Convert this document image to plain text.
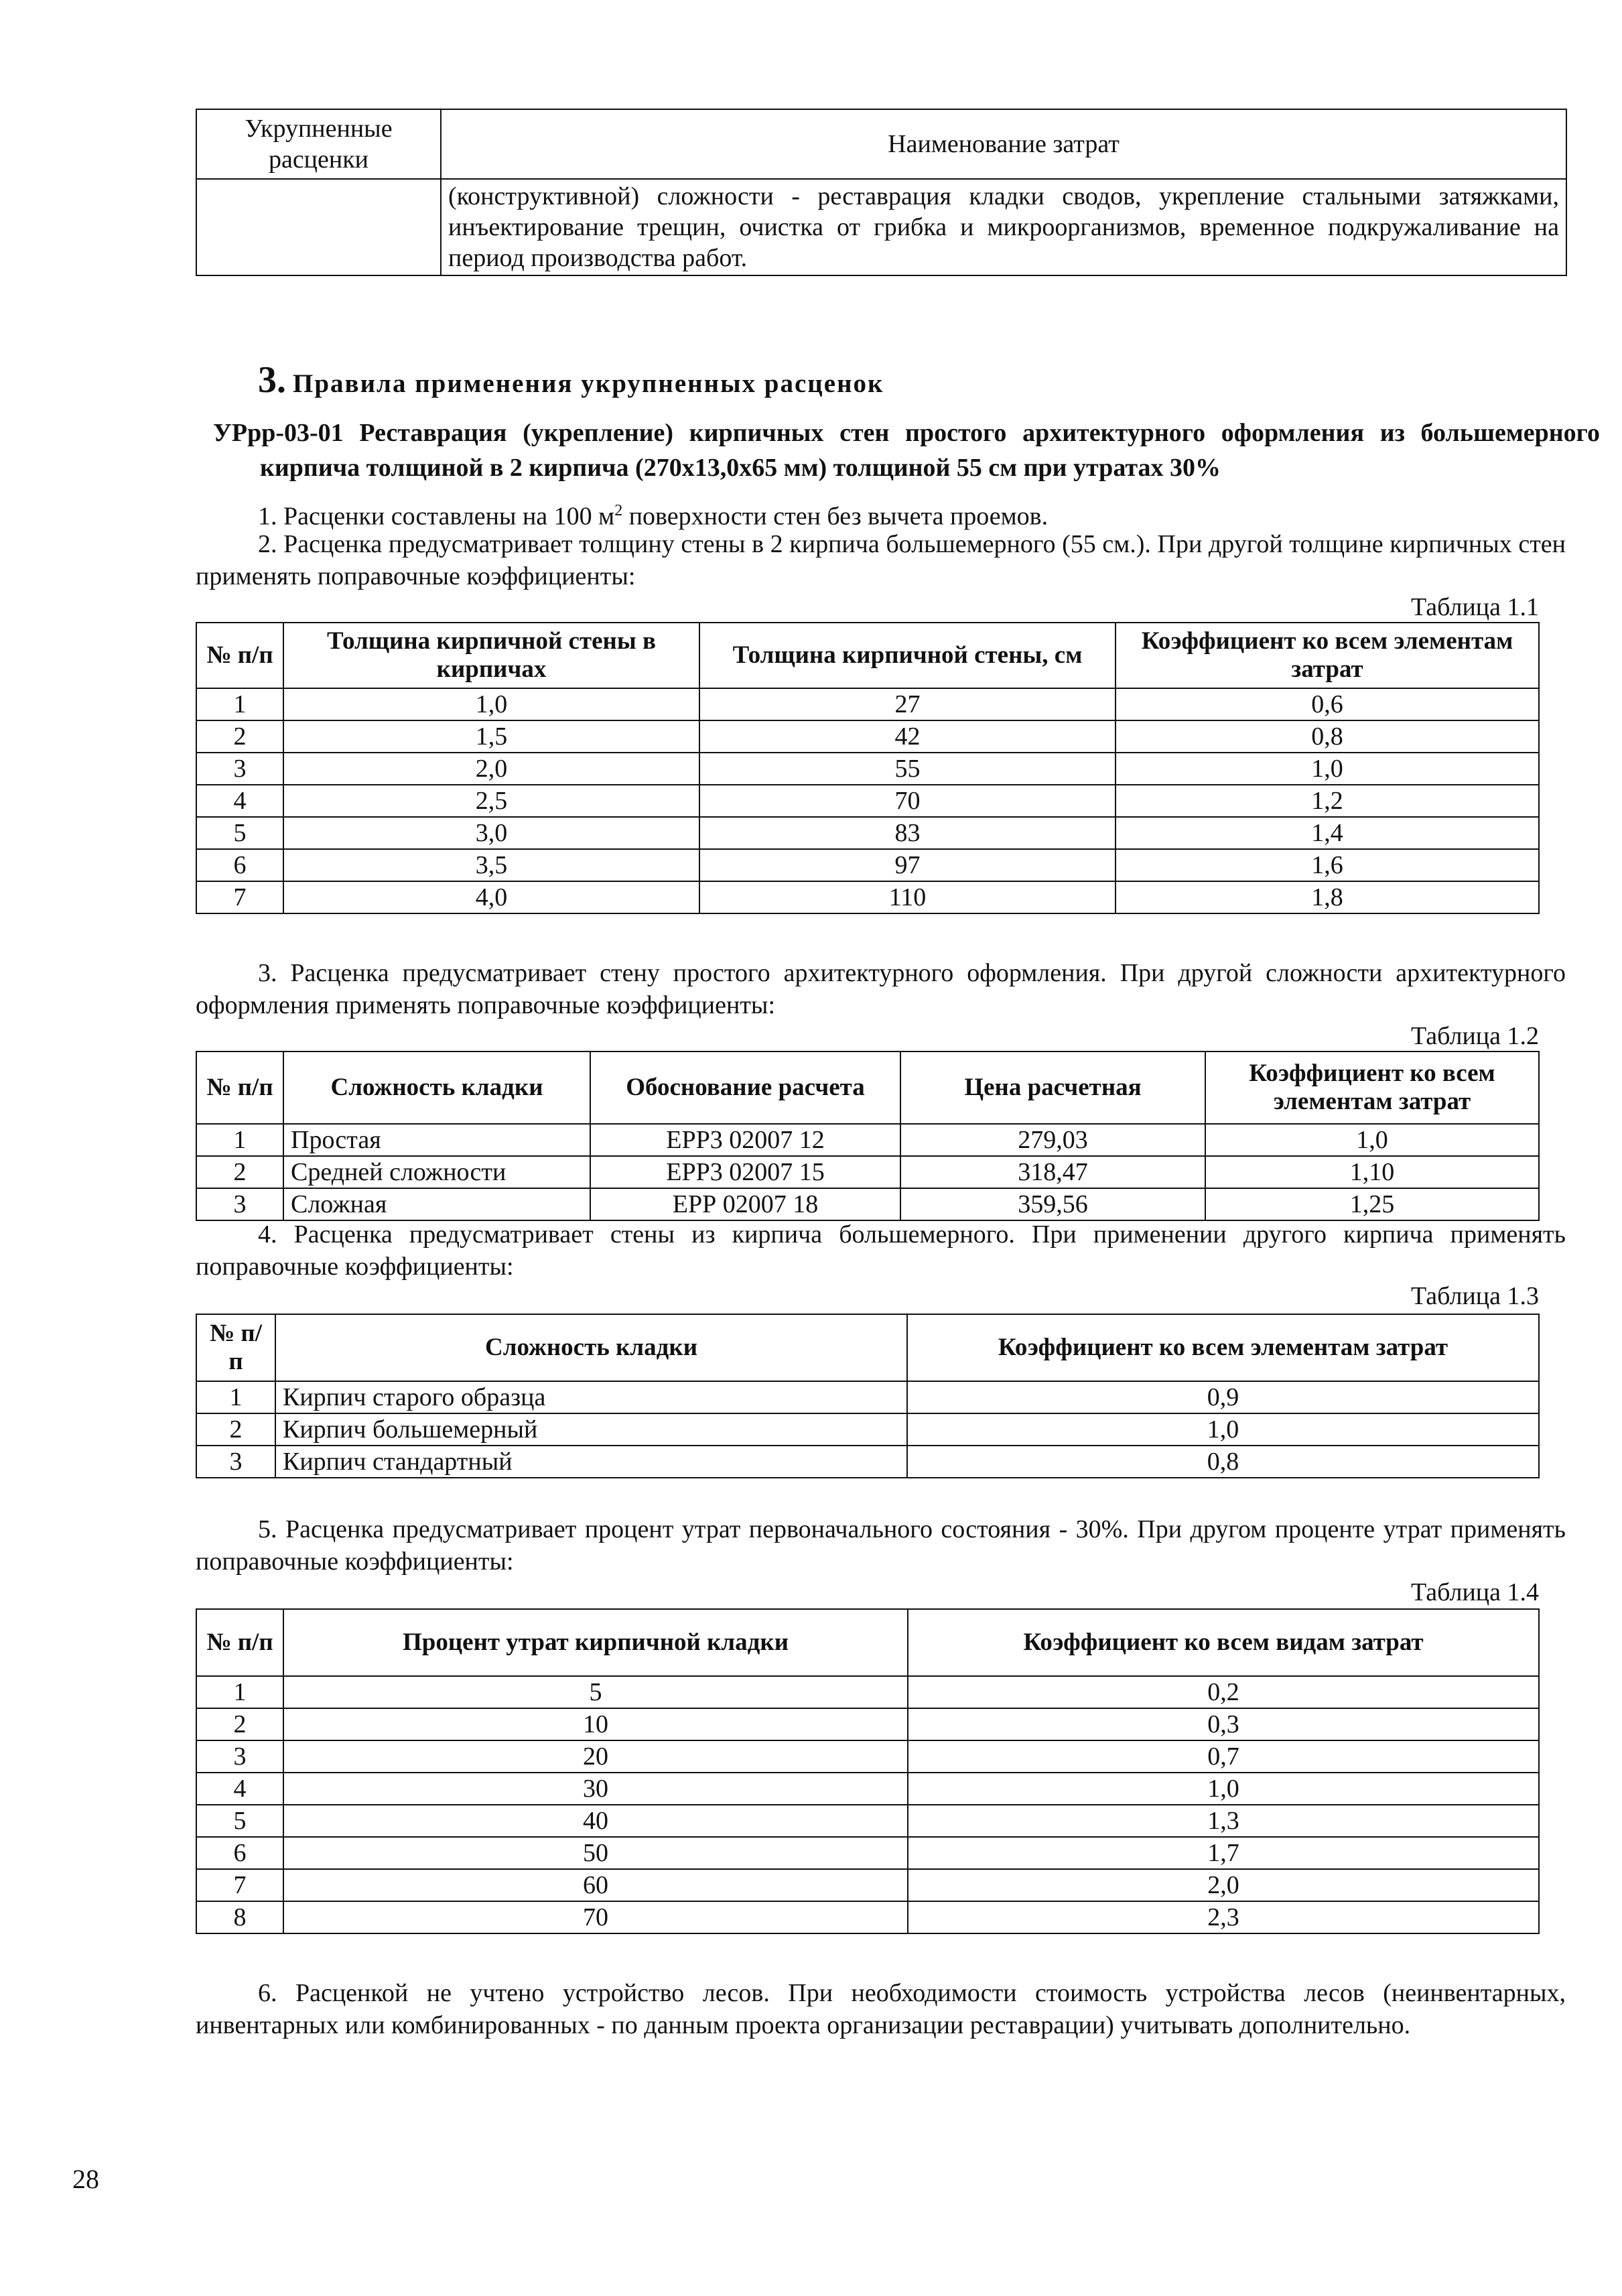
Укрупненные расценки	Наименование затрат
	(конструктивной) сложности - реставрация кладки сводов, укрепление стальными затяжками, инъектирование трещин, очистка от грибка и микроорганизмов, временное подкружаливание на период производства работ.
3. Правила применения укрупненных расценок
УРрр-03-01 Реставрация (укрепление) кирпичных стен простого архитектурного оформления из большемерного кирпича толщиной в 2 кирпича (270x13,0x65 мм) толщиной 55 см при утратах 30%
1. Расценки составлены на 100 $м^2$ поверхности стен без вычета проемов.
2. Расценка предусматривает толщину стены в 2 кирпича большемерного (55 см.). При другой толщине кирпичных стен применять поправочные коэффициенты:
Таблица 1.1
№ п/п	Толщина кирпичной стены в кирпичах	Толщина кирпичной стены, см	Коэффициент ко всем элементам затрат
1	1,0	27	0,6
2	1,5	42	0,8
3	2,0	55	1,0
4	2,5	70	1,2
5	3,0	83	1,4
6	3,5	97	1,6
7	4,0	110	1,8
3. Расценка предусматривает стену простого архитектурного оформления. При другой сложности архитектурного оформления применять поправочные коэффициенты:
Таблица 1.2
№ п/п	Сложность кладки	Обоснование расчета	Цена расчетная	Коэффициент ко всем элементам затрат
1	Простая	ЕРР3 02007 12	279,03	1,0
2	Средней сложности	ЕРР3 02007 15	318,47	1,10
3	Сложная	ЕРР 02007 18	359,56	1,25
4. Расценка предусматривает стены из кирпича большемерного. При применении другого кирпича применять поправочные коэффициенты:
Таблица 1.3
№ п/п	Сложность кладки	Коэффициент ко всем элементам затрат
1	Кирпич старого образца	0,9
2	Кирпич большемерный	1,0
3	Кирпич стандартный	0,8
5. Расценка предусматривает процент утрат первоначального состояния - 30%. При другом проценте утрат применять поправочные коэффициенты:
Таблица 1.4
№ п/п	Процент утрат кирпичной кладки	Коэффициент ко всем видам затрат
1	5	0,2
2	10	0,3
3	20	0,7
4	30	1,0
5	40	1,3
6	50	1,7
7	60	2,0
8	70	2,3
6. Расценкой не учтено устройство лесов. При необходимости стоимость устройства лесов (неинвентарных, инвентарных или комбинированных - по данным проекта организации реставрации) учитывать дополнительно.
28
